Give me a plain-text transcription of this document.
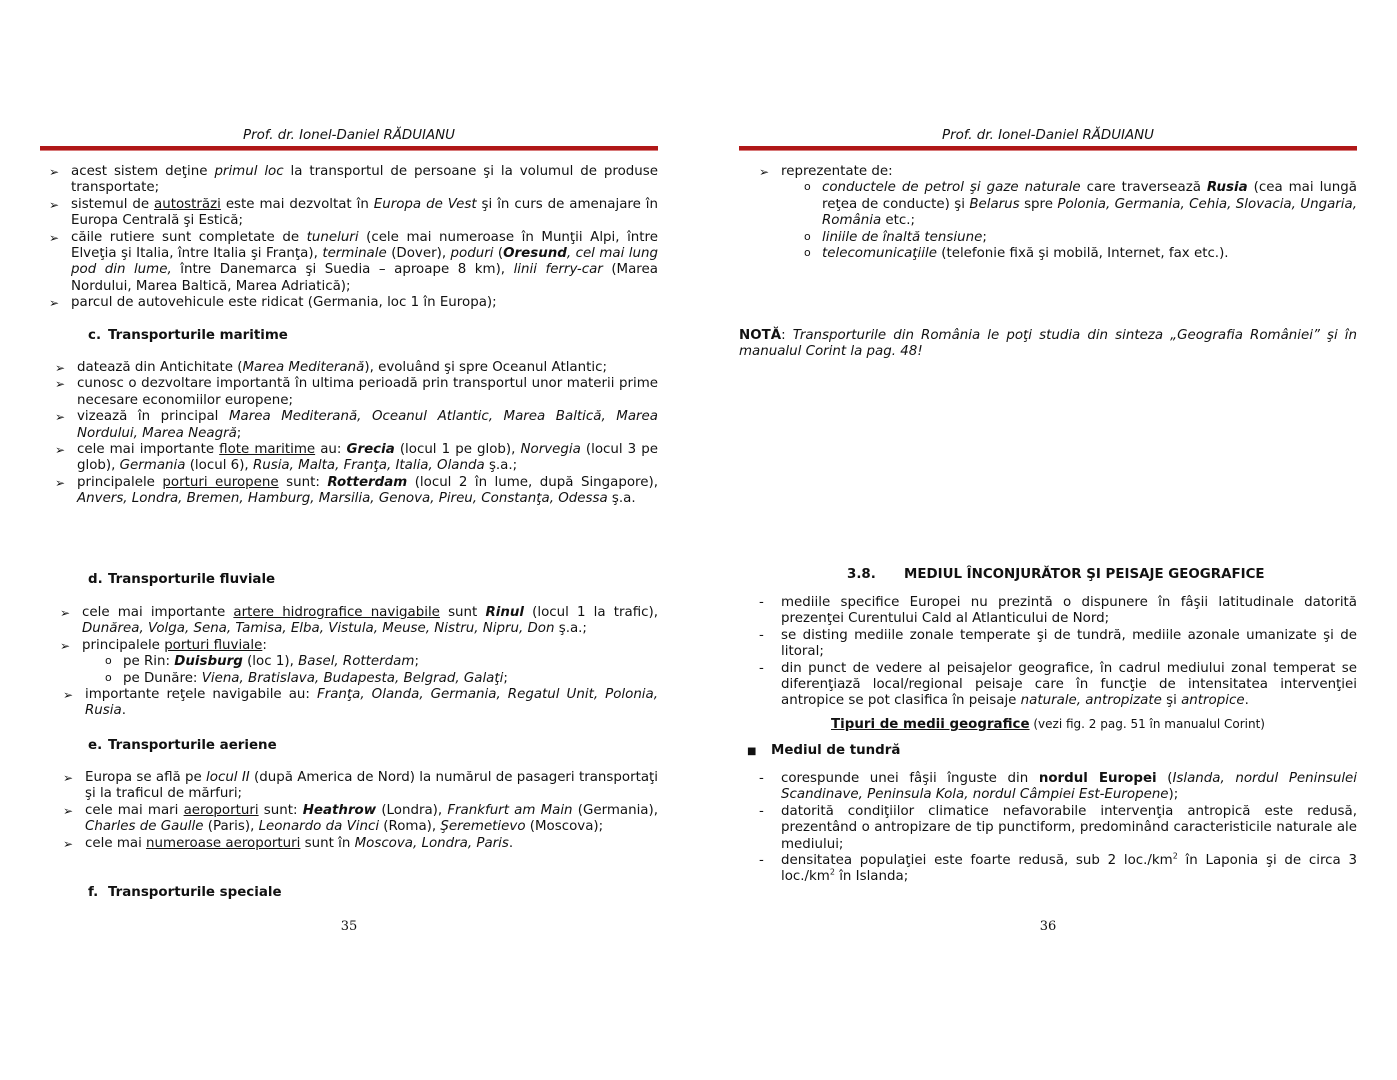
Prof. dr. Ionel-Daniel RĂDUIANU
➢ acest sistem deţine primul loc la transportul de persoane şi la volumul de produse transportate;
➢ sistemul de autostrăzi este mai dezvoltat în Europa de Vest şi în curs de amenajare în Europa Centrală şi Estică;
➢ căile rutiere sunt completate de tuneluri (cele mai numeroase în Munţii Alpi, între Elveţia şi Italia, între Italia şi Franţa), terminale (Dover), poduri (Oresund, cel mai lung pod din lume, între Danemarca şi Suedia – aproape 8 km), linii ferry-car (Marea Nordului, Marea Baltică, Marea Adriatică);
➢ parcul de autovehicule este ridicat (Germania, loc 1 în Europa);
c. Transporturile maritime
➢ datează din Antichitate (Marea Mediterană), evoluând şi spre Oceanul Atlantic;
➢ cunosc o dezvoltare importantă în ultima perioadă prin transportul unor materii prime necesare economiilor europene;
➢ vizează în principal Marea Mediterană, Oceanul Atlantic, Marea Baltică, Marea Nordului, Marea Neagră;
➢ cele mai importante flote maritime au: Grecia (locul 1 pe glob), Norvegia (locul 3 pe glob), Germania (locul 6), Rusia, Malta, Franţa, Italia, Olanda ş.a.;
➢ principalele porturi europene sunt: Rotterdam (locul 2 în lume, după Singapore), Anvers, Londra, Bremen, Hamburg, Marsilia, Genova, Pireu, Constanţa, Odessa ş.a.
d. Transporturile fluviale
➢ cele mai importante artere hidrografice navigabile sunt Rinul (locul 1 la trafic), Dunărea, Volga, Sena, Tamisa, Elba, Vistula, Meuse, Nistru, Nipru, Don ş.a.;
➢ principalele porturi fluviale:
o pe Rin: Duisburg (loc 1), Basel, Rotterdam;
o pe Dunăre: Viena, Bratislava, Budapesta, Belgrad, Galaţi;
➢ importante reţele navigabile au: Franţa, Olanda, Germania, Regatul Unit, Polonia, Rusia.
e. Transporturile aeriene
➢ Europa se află pe locul II (după America de Nord) la numărul de pasageri transportaţi şi la traficul de mărfuri;
➢ cele mai mari aeroporturi sunt: Heathrow (Londra), Frankfurt am Main (Germania), Charles de Gaulle (Paris), Leonardo da Vinci (Roma), Şeremetievo (Moscova);
➢ cele mai numeroase aeroporturi sunt în Moscova, Londra, Paris.
f. Transporturile speciale
35
Prof. dr. Ionel-Daniel RĂDUIANU
➢ reprezentate de:
o conductele de petrol şi gaze naturale care traversează Rusia (cea mai lungă reţea de conducte) şi Belarus spre Polonia, Germania, Cehia, Slovacia, Ungaria, România etc.;
o liniile de înaltă tensiune;
o telecomunicaţiile (telefonie fixă şi mobilă, Internet, fax etc.).
NOTĂ: Transporturile din România le poţi studia din sinteza „Geografia României” şi în manualul Corint la pag. 48!
3.8. MEDIUL ÎNCONJURĂTOR ŞI PEISAJE GEOGRAFICE
- mediile specifice Europei nu prezintă o dispunere în fâşii latitudinale datorită prezenţei Curentului Cald al Atlanticului de Nord;
- se disting mediile zonale temperate şi de tundră, mediile azonale umanizate şi de litoral;
- din punct de vedere al peisajelor geografice, în cadrul mediului zonal temperat se diferenţiază local/regional peisaje care în funcţie de intensitatea intervenţiei antropice se pot clasifica în peisaje naturale, antropizate şi antropice.
Tipuri de medii geografice (vezi fig. 2 pag. 51 în manualul Corint)
■ Mediul de tundră
- corespunde unei fâşii înguste din nordul Europei (Islanda, nordul Peninsulei Scandinave, Peninsula Kola, nordul Câmpiei Est-Europene);
- datorită condiţiilor climatice nefavorabile intervenţia antropică este redusă, prezentând o antropizare de tip punctiform, predominând caracteristicile naturale ale mediului;
- densitatea populaţiei este foarte redusă, sub 2 $loc./km^2$ în Laponia şi de circa 3 $loc./km^2$ în Islanda;
36
